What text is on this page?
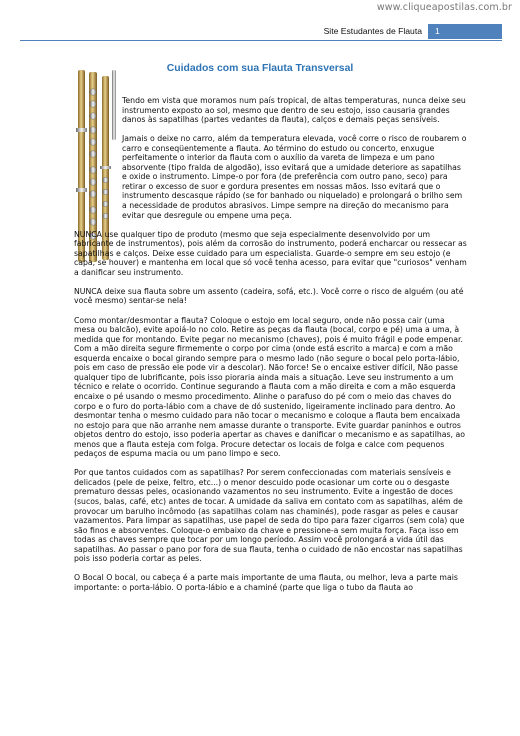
www.cliqueapostilas.com.br
Site Estudantes de Flauta	1
Cuidados com sua Flauta Transversal

Tendo em vista que moramos num país tropical, de altas temperaturas, nunca deixe seu instrumento exposto ao sol, mesmo que dentro de seu estojo, isso causaria grandes danos às sapatilhas (partes vedantes da flauta), calços e demais peças sensíveis.

Jamais o deixe no carro, além da temperatura elevada, você corre o risco de roubarem o carro e conseqüentemente a flauta. Ao término do estudo ou concerto, enxugue perfeitamente o interior da flauta com o auxílio da vareta de limpeza e um pano absorvente (tipo fralda de algodão), isso evitará que a umidade deteriore as sapatilhas e oxide o instrumento. Limpe-o por fora (de preferência com outro pano, seco) para retirar o excesso de suor e gordura presentes em nossas mãos. Isso evitará que o instrumento descasque rápido (se for banhado ou niquelado) e prolongará o brilho sem a necessidade de produtos abrasivos. Limpe sempre na direção do mecanismo para evitar que desregule ou empene uma peça.

NUNCA use qualquer tipo de produto (mesmo que seja especialmente desenvolvido por um fabricante de instrumentos), pois além da corrosão do instrumento, poderá encharcar ou ressecar as sapatilhas e calços. Deixe esse cuidado para um especialista. Guarde-o sempre em seu estojo (e capa, se houver) e mantenha em local que só você tenha acesso, para evitar que "curiosos" venham a danificar seu instrumento.

NUNCA deixe sua flauta sobre um assento (cadeira, sofá, etc.). Você corre o risco de alguém (ou até você mesmo) sentar-se nela!

Como montar/desmontar a flauta? Coloque o estojo em local seguro, onde não possa cair (uma mesa ou balcão), evite apoiá-lo no colo. Retire as peças da flauta (bocal, corpo e pé) uma a uma, à medida que for montando. Evite pegar no mecanismo (chaves), pois é muito frágil e pode empenar. Com a mão direita segure firmemente o corpo por cima (onde está escrito a marca) e com a mão esquerda encaixe o bocal girando sempre para o mesmo lado (não segure o bocal pelo porta-lábio, pois em caso de pressão ele pode vir a descolar). Não force! Se o encaixe estiver difícil, Não passe qualquer tipo de lubrificante, pois isso pioraria ainda mais a situação. Leve seu instrumento a um técnico e relate o ocorrido. Continue segurando a flauta com a mão direita e com a mão esquerda encaixe o pé usando o mesmo procedimento. Alinhe o parafuso do pé com o meio das chaves do corpo e o furo do porta-lábio com a chave de dó sustenido, ligeiramente inclinado para dentro. Ao desmontar tenha o mesmo cuidado para não tocar o mecanismo e coloque a flauta bem encaixada no estojo para que não arranhe nem amasse durante o transporte. Evite guardar paninhos e outros objetos dentro do estojo, isso poderia apertar as chaves e danificar o mecanismo e as sapatilhas, ao menos que a flauta esteja com folga. Procure detectar os locais de folga e calce com pequenos pedaços de espuma macia ou um pano limpo e seco.

Por que tantos cuidados com as sapatilhas? Por serem confeccionadas com materiais sensíveis e delicados (pele de peixe, feltro, etc...) o menor descuido pode ocasionar um corte ou o desgaste prematuro dessas peles, ocasionando vazamentos no seu instrumento. Evite a ingestão de doces (sucos, balas, café, etc) antes de tocar. A umidade da saliva em contato com as sapatilhas, além de provocar um barulho incômodo (as sapatilhas colam nas chaminés), pode rasgar as peles e causar vazamentos. Para limpar as sapatilhas, use papel de seda do tipo para fazer cigarros (sem cola) que são finos e absorventes. Coloque-o embaixo da chave e pressione-a sem muita força. Faça isso em todas as chaves sempre que tocar por um longo período. Assim você prolongará a vida útil das sapatilhas. Ao passar o pano por fora de sua flauta, tenha o cuidado de não encostar nas sapatilhas pois isso poderia cortar as peles.

O Bocal O bocal, ou cabeça é a parte mais importante de uma flauta, ou melhor, leva a parte mais importante: o porta-lábio. O porta-lábio e a chaminé (parte que liga o tubo da flauta ao
